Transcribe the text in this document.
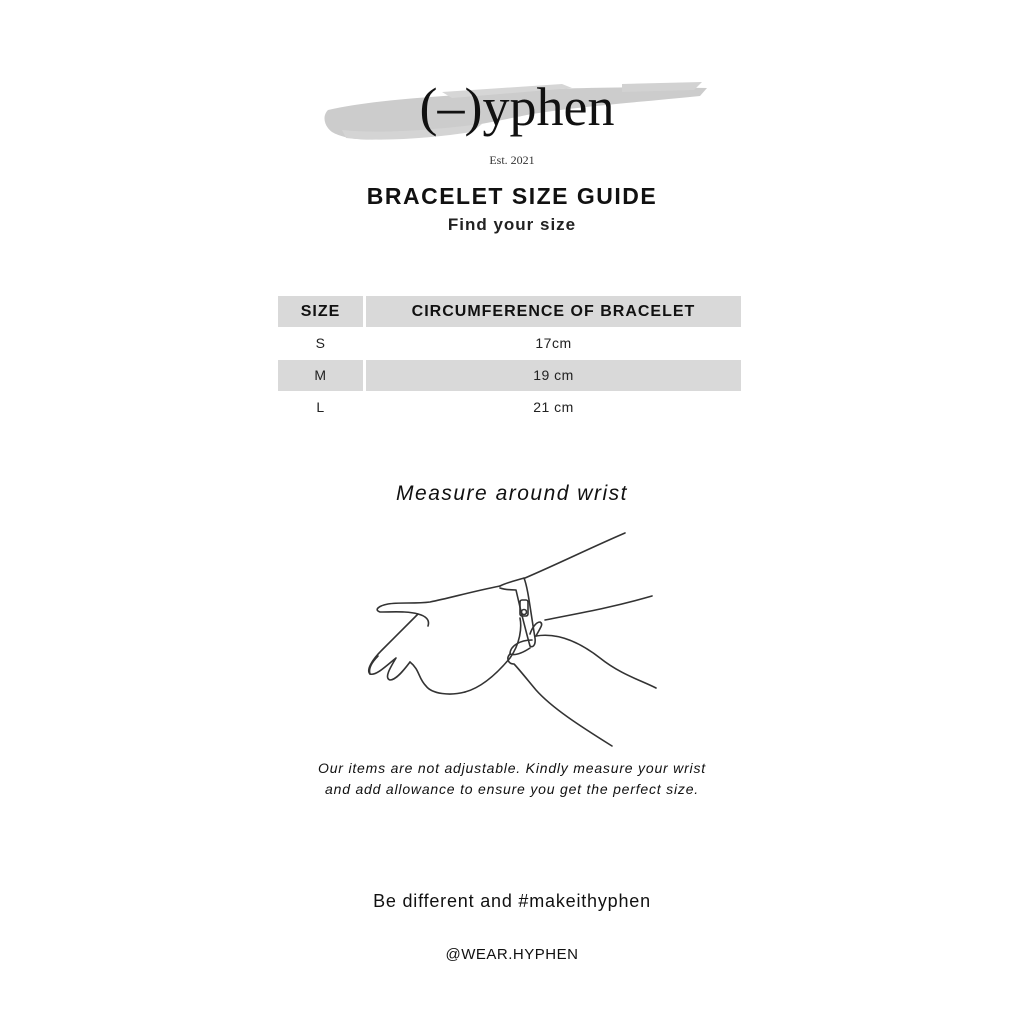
(–)yphen
Est. 2021
BRACELET SIZE GUIDE
Find your size
SIZE	CIRCUMFERENCE OF BRACELET
S	17cm
M	19 cm
L	21 cm
Measure around wrist
Our items are not adjustable. Kindly measure your wrist
and add allowance to ensure you get the perfect size.
Be different and #makeithyphen
@WEAR.HYPHEN
